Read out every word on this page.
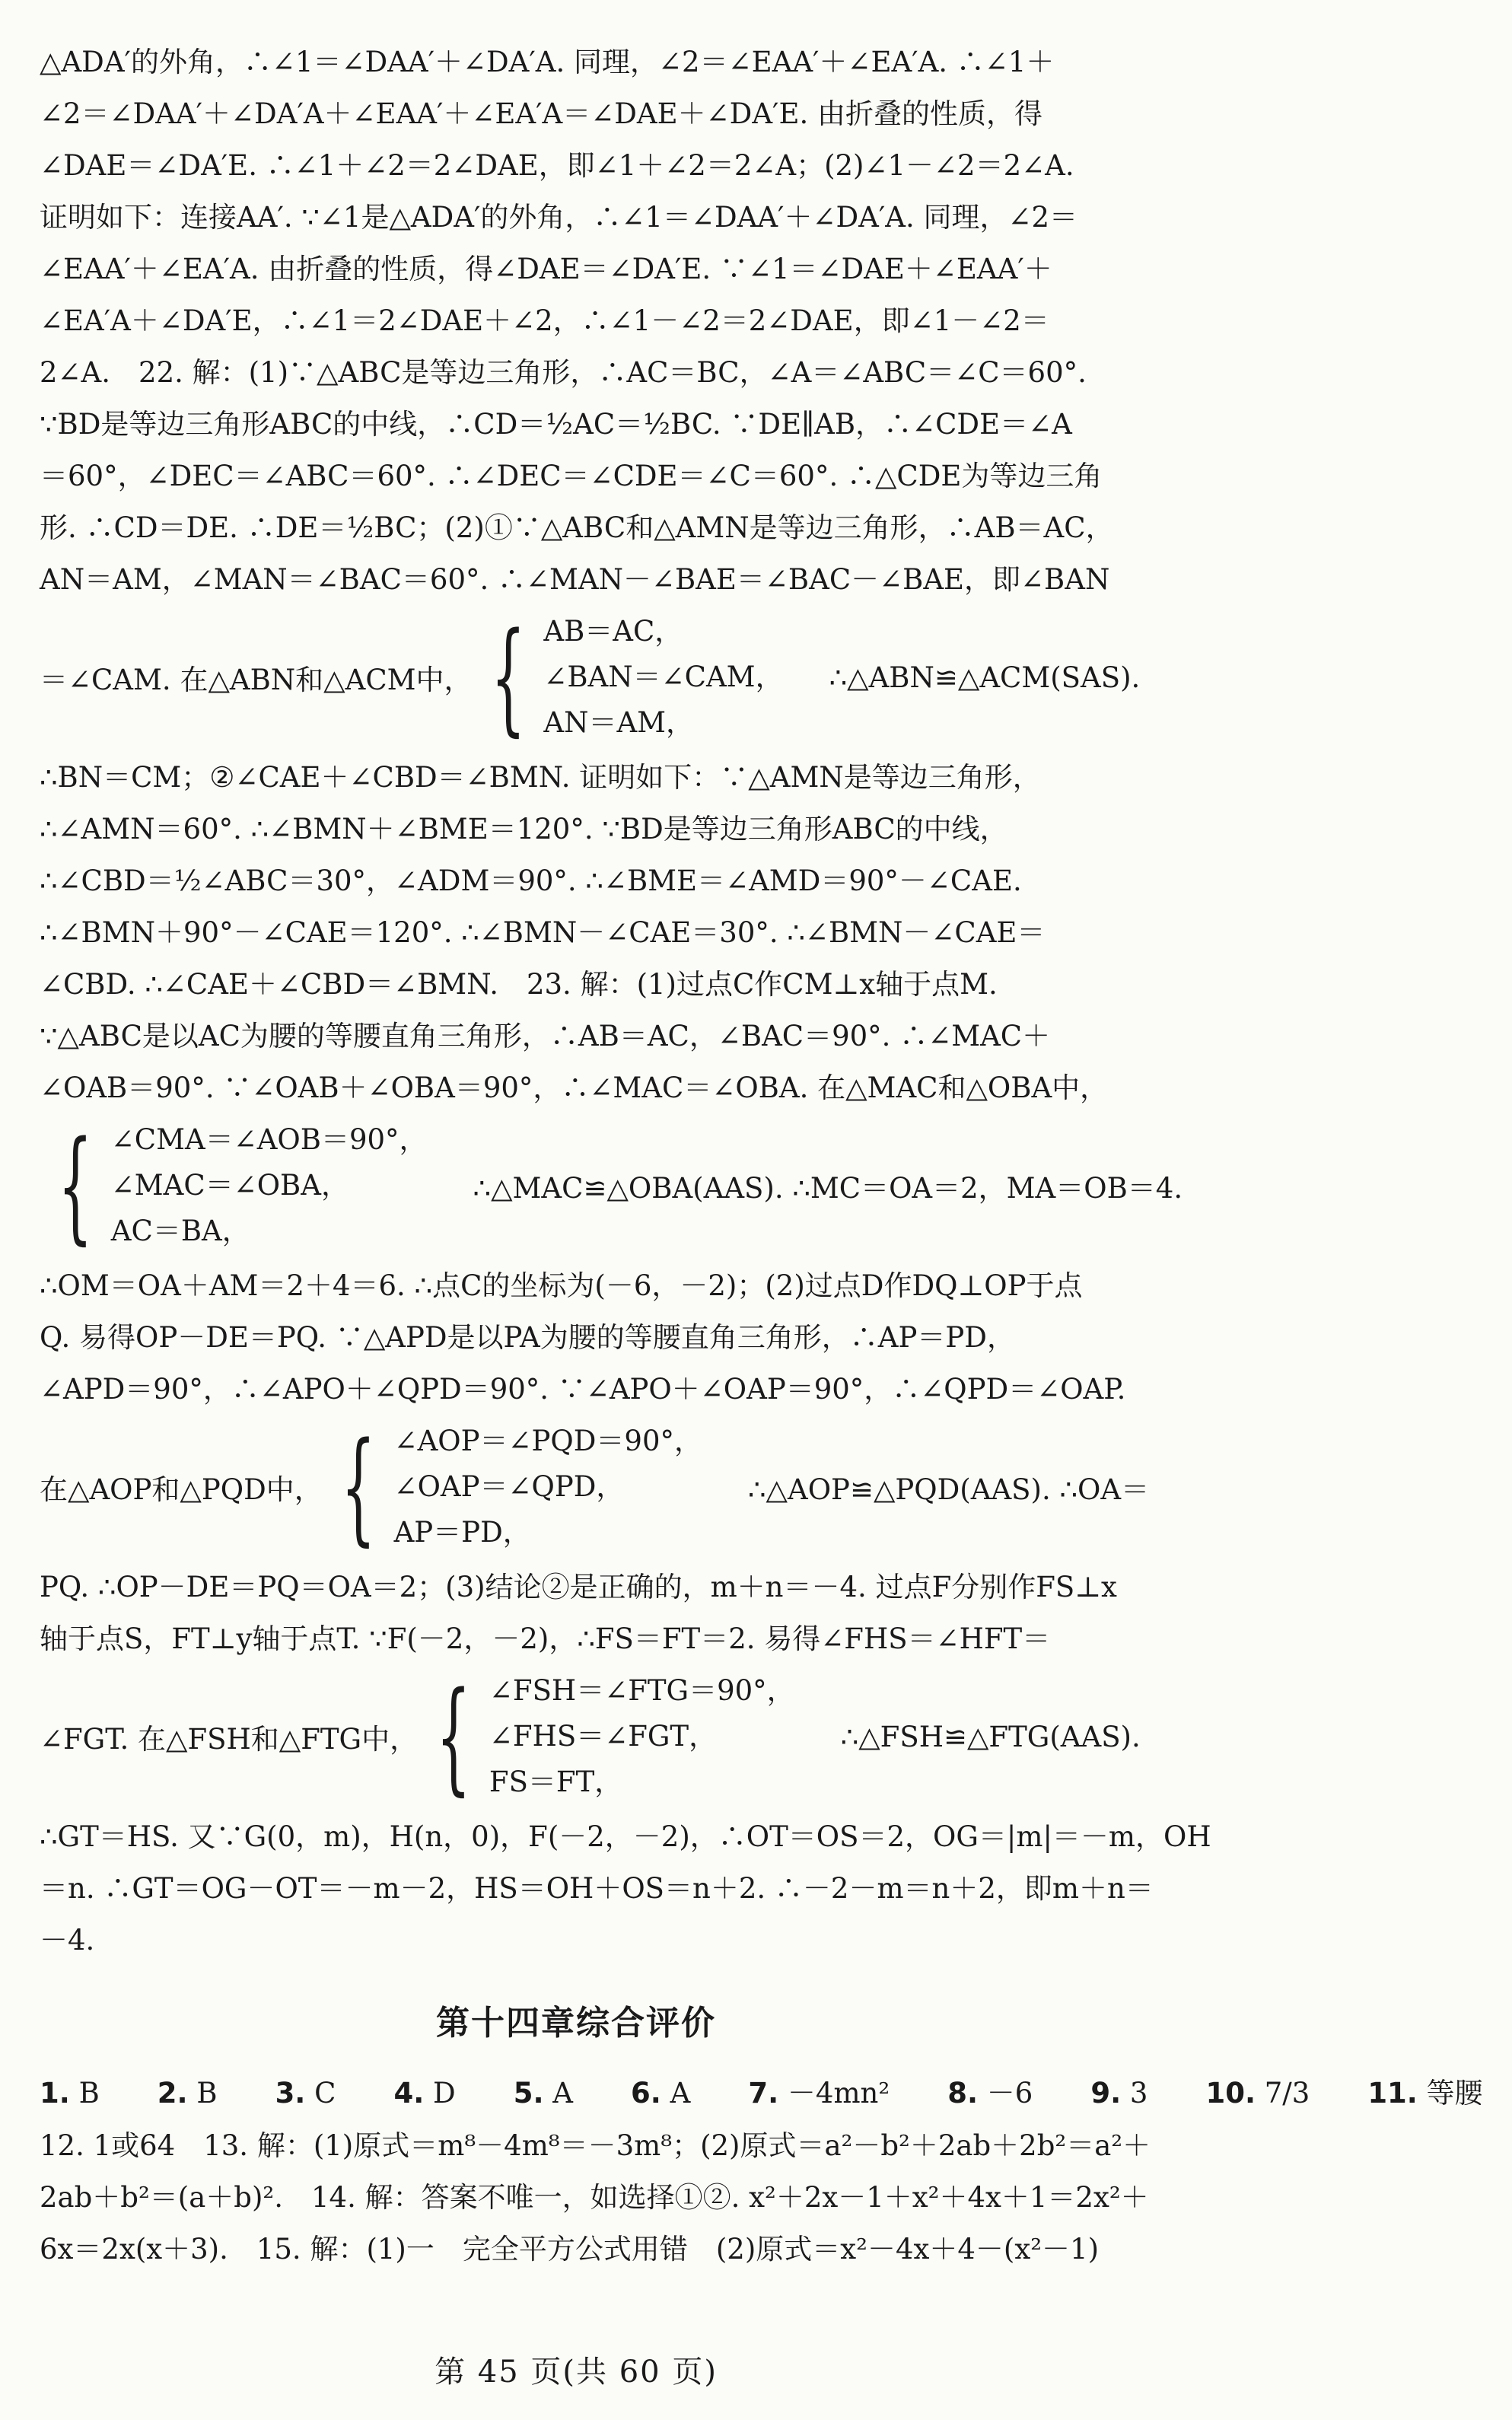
△ADA′的外角，∴∠1＝∠DAA′＋∠DA′A. 同理，∠2＝∠EAA′＋∠EA′A. ∴∠1＋
∠2＝∠DAA′＋∠DA′A＋∠EAA′＋∠EA′A＝∠DAE＋∠DA′E. 由折叠的性质，得
∠DAE＝∠DA′E. ∴∠1＋∠2＝2∠DAE，即∠1＋∠2＝2∠A；(2)∠1－∠2＝2∠A.
证明如下：连接AA′. ∵∠1是△ADA′的外角，∴∠1＝∠DAA′＋∠DA′A. 同理，∠2＝
∠EAA′＋∠EA′A. 由折叠的性质，得∠DAE＝∠DA′E. ∵∠1＝∠DAE＋∠EAA′＋
∠EA′A＋∠DA′E，∴∠1＝2∠DAE＋∠2，∴∠1－∠2＝2∠DAE，即∠1－∠2＝
2∠A.　22. 解：(1)∵△ABC是等边三角形，∴AC＝BC，∠A＝∠ABC＝∠C＝60°.
∵BD是等边三角形ABC的中线，∴CD＝½AC＝½BC. ∵DE∥AB，∴∠CDE＝∠A
＝60°，∠DEC＝∠ABC＝60°. ∴∠DEC＝∠CDE＝∠C＝60°. ∴△CDE为等边三角
形. ∴CD＝DE. ∴DE＝½BC；(2)①∵△ABC和△AMN是等边三角形，∴AB＝AC，
AN＝AM，∠MAN＝∠BAC＝60°. ∴∠MAN－∠BAE＝∠BAC－∠BAE，即∠BAN
＝∠CAM. 在△ABN和△ACM中， { AB＝AC，
∠BAN＝∠CAM，
AN＝AM，
∴△ABN≌△ACM(SAS).
∴BN＝CM；②∠CAE＋∠CBD＝∠BMN. 证明如下：∵△AMN是等边三角形，
∴∠AMN＝60°. ∴∠BMN＋∠BME＝120°. ∵BD是等边三角形ABC的中线，
∴∠CBD＝½∠ABC＝30°，∠ADM＝90°. ∴∠BME＝∠AMD＝90°－∠CAE.
∴∠BMN＋90°－∠CAE＝120°. ∴∠BMN－∠CAE＝30°. ∴∠BMN－∠CAE＝
∠CBD. ∴∠CAE＋∠CBD＝∠BMN.　23. 解：(1)过点C作CM⊥x轴于点M.
∵△ABC是以AC为腰的等腰直角三角形，∴AB＝AC，∠BAC＝90°. ∴∠MAC＋
∠OAB＝90°. ∵∠OAB＋∠OBA＝90°，∴∠MAC＝∠OBA. 在△MAC和△OBA中，
{ ∠CMA＝∠AOB＝90°，
∠MAC＝∠OBA，
AC＝BA，
∴△MAC≌△OBA(AAS). ∴MC＝OA＝2，MA＝OB＝4.
∴OM＝OA＋AM＝2＋4＝6. ∴点C的坐标为(－6，－2)；(2)过点D作DQ⊥OP于点
Q. 易得OP－DE＝PQ. ∵△APD是以PA为腰的等腰直角三角形，∴AP＝PD，
∠APD＝90°，∴∠APO＋∠QPD＝90°. ∵∠APO＋∠OAP＝90°，∴∠QPD＝∠OAP.
在△AOP和△PQD中， { ∠AOP＝∠PQD＝90°，
∠OAP＝∠QPD，
AP＝PD，
∴△AOP≌△PQD(AAS). ∴OA＝
PQ. ∴OP－DE＝PQ＝OA＝2；(3)结论②是正确的，m＋n＝－4. 过点F分别作FS⊥x
轴于点S，FT⊥y轴于点T. ∵F(－2，－2)，∴FS＝FT＝2. 易得∠FHS＝∠HFT＝
∠FGT. 在△FSH和△FTG中， { ∠FSH＝∠FTG＝90°，
∠FHS＝∠FGT，
FS＝FT，
∴△FSH≌△FTG(AAS).
∴GT＝HS. 又∵G(0，m)，H(n，0)，F(－2，－2)，∴OT＝OS＝2，OG＝|m|＝－m，OH
＝n. ∴GT＝OG－OT＝－m－2，HS＝OH＋OS＝n＋2. ∴－2－m＝n＋2，即m＋n＝
－4.
第十四章综合评价
1. B	2. B	3. C	4. D	5. A	6. A	7. －4mn²	8. －6	9. 3	10. 7/3	11. 等腰
12. 1或64　13. 解：(1)原式＝m⁸－4m⁸＝－3m⁸；(2)原式＝a²－b²＋2ab＋2b²＝a²＋
2ab＋b²＝(a＋b)².　14. 解：答案不唯一，如选择①②. x²＋2x－1＋x²＋4x＋1＝2x²＋
6x＝2x(x＋3).　15. 解：(1)一　完全平方公式用错　(2)原式＝x²－4x＋4－(x²－1)
第 45 页(共 60 页)
